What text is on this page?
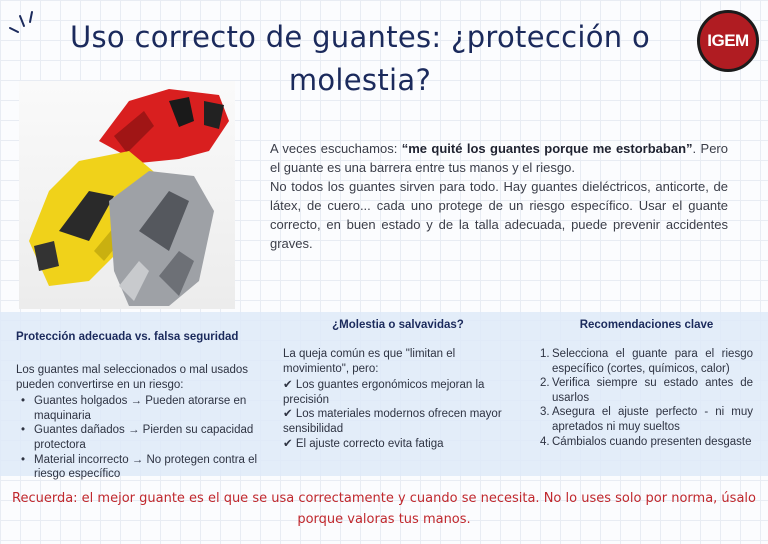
Uso correcto de guantes: ¿protección o
molestia?
IGEM

A veces escuchamos: “me quité los guantes porque me estorbaban”. Pero el guante es una barrera entre tus manos y el riesgo.

No todos los guantes sirven para todo. Hay guantes dieléctricos, anticorte, de látex, de cuero... cada uno protege de un riesgo específico. Usar el guante correcto, en buen estado y de la talla adecuada, puede prevenir accidentes graves.

Protección adecuada vs. falsa seguridad

Los guantes mal seleccionados o mal usados pueden convertirse en un riesgo:

• Guantes holgados → Pueden atorarse en maquinaria
• Guantes dañados → Pierden su capacidad protectora
• Material incorrecto → No protegen contra el riesgo específico
¿Molestia o salvavidas?

La queja común es que "limitan el movimiento", pero:

✔ Los guantes ergonómicos mejoran la precisión
✔ Los materiales modernos ofrecen mayor sensibilidad
✔ El ajuste correcto evita fatiga
Recomendaciones clave
1. Selecciona el guante para el riesgo específico (cortes, químicos, calor)
2. Verifica siempre su estado antes de usarlos
3. Asegura el ajuste perfecto - ni muy apretados ni muy sueltos
4. Cámbialos cuando presenten desgaste
Recuerda: el mejor guante es el que se usa correctamente y cuando se necesita. No lo uses solo por norma, úsalo
porque valoras tus manos.
